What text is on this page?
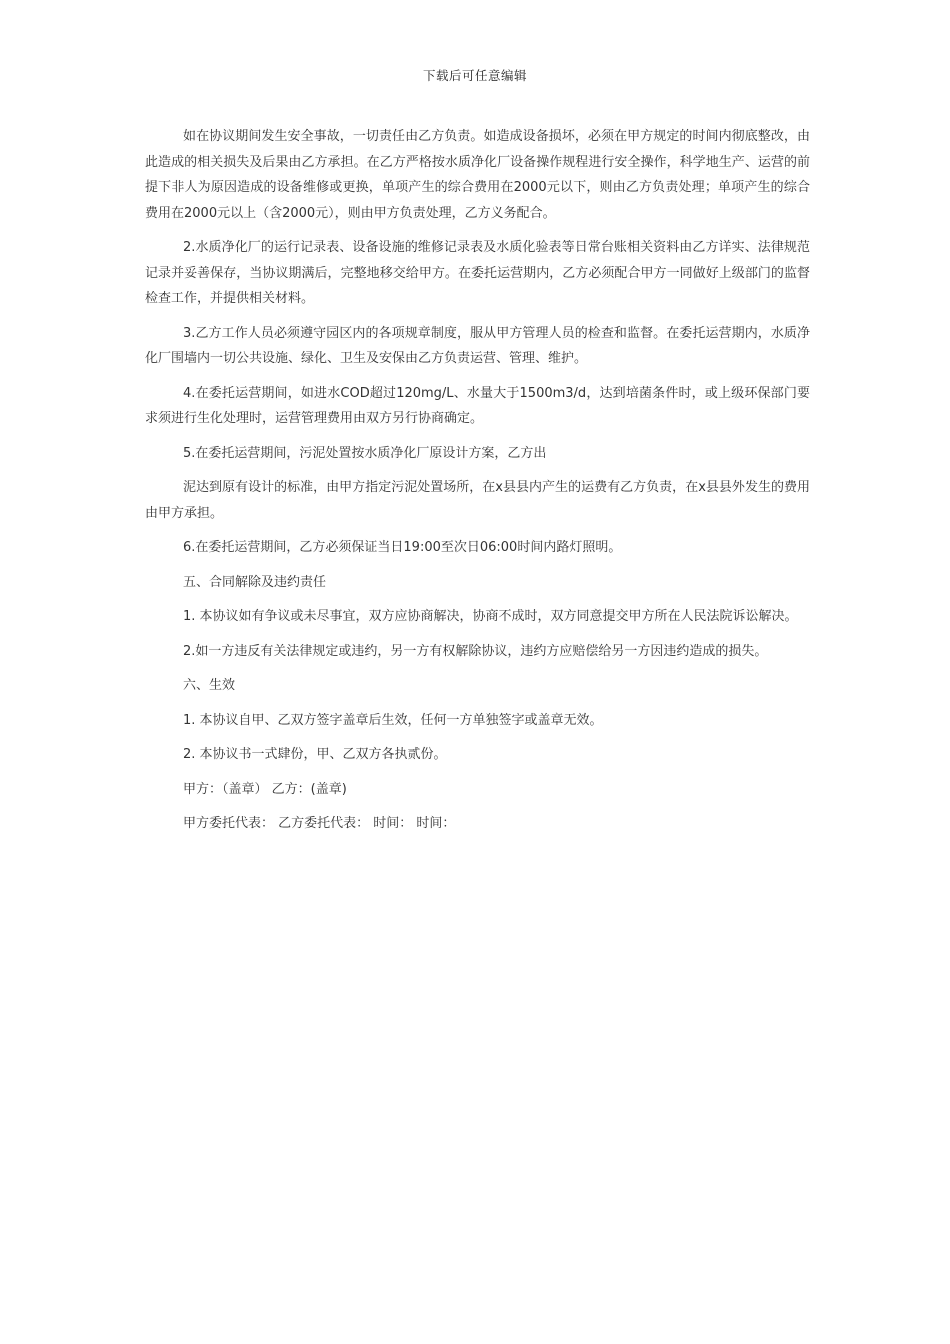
下载后可任意编辑

如在协议期间发生安全事故，一切责任由乙方负责。如造成设备损坏，必须在甲方规定的时间内彻底整改，由此造成的相关损失及后果由乙方承担。在乙方严格按水质净化厂设备操作规程进行安全操作，科学地生产、运营的前提下非人为原因造成的设备维修或更换，单项产生的综合费用在2000元以下，则由乙方负责处理；单项产生的综合费用在2000元以上（含2000元），则由甲方负责处理，乙方义务配合。

2.水质净化厂的运行记录表、设备设施的维修记录表及水质化验表等日常台账相关资料由乙方详实、法律规范记录并妥善保存，当协议期满后，完整地移交给甲方。在委托运营期内，乙方必须配合甲方一同做好上级部门的监督检查工作，并提供相关材料。

3.乙方工作人员必须遵守园区内的各项规章制度，服从甲方管理人员的检查和监督。在委托运营期内，水质净化厂围墙内一切公共设施、绿化、卫生及安保由乙方负责运营、管理、维护。

4.在委托运营期间，如进水COD超过120mg/L、水量大于1500m3/d，达到培菌条件时，或上级环保部门要求须进行生化处理时，运营管理费用由双方另行协商确定。

5.在委托运营期间，污泥处置按水质净化厂原设计方案，乙方出

泥达到原有设计的标准，由甲方指定污泥处置场所，在x县县内产生的运费有乙方负责，在x县县外发生的费用由甲方承担。

6.在委托运营期间，乙方必须保证当日19:00至次日06:00时间内路灯照明。

五、合同解除及违约责任

1. 本协议如有争议或未尽事宜，双方应协商解决，协商不成时，双方同意提交甲方所在人民法院诉讼解决。

2.如一方违反有关法律规定或违约，另一方有权解除协议，违约方应赔偿给另一方因违约造成的损失。

六、生效

1. 本协议自甲、乙双方签字盖章后生效，任何一方单独签字或盖章无效。

2. 本协议书一式肆份，甲、乙双方各执贰份。

甲方：（盖章） 乙方：(盖章)

甲方委托代表： 乙方委托代表： 时间： 时间：
